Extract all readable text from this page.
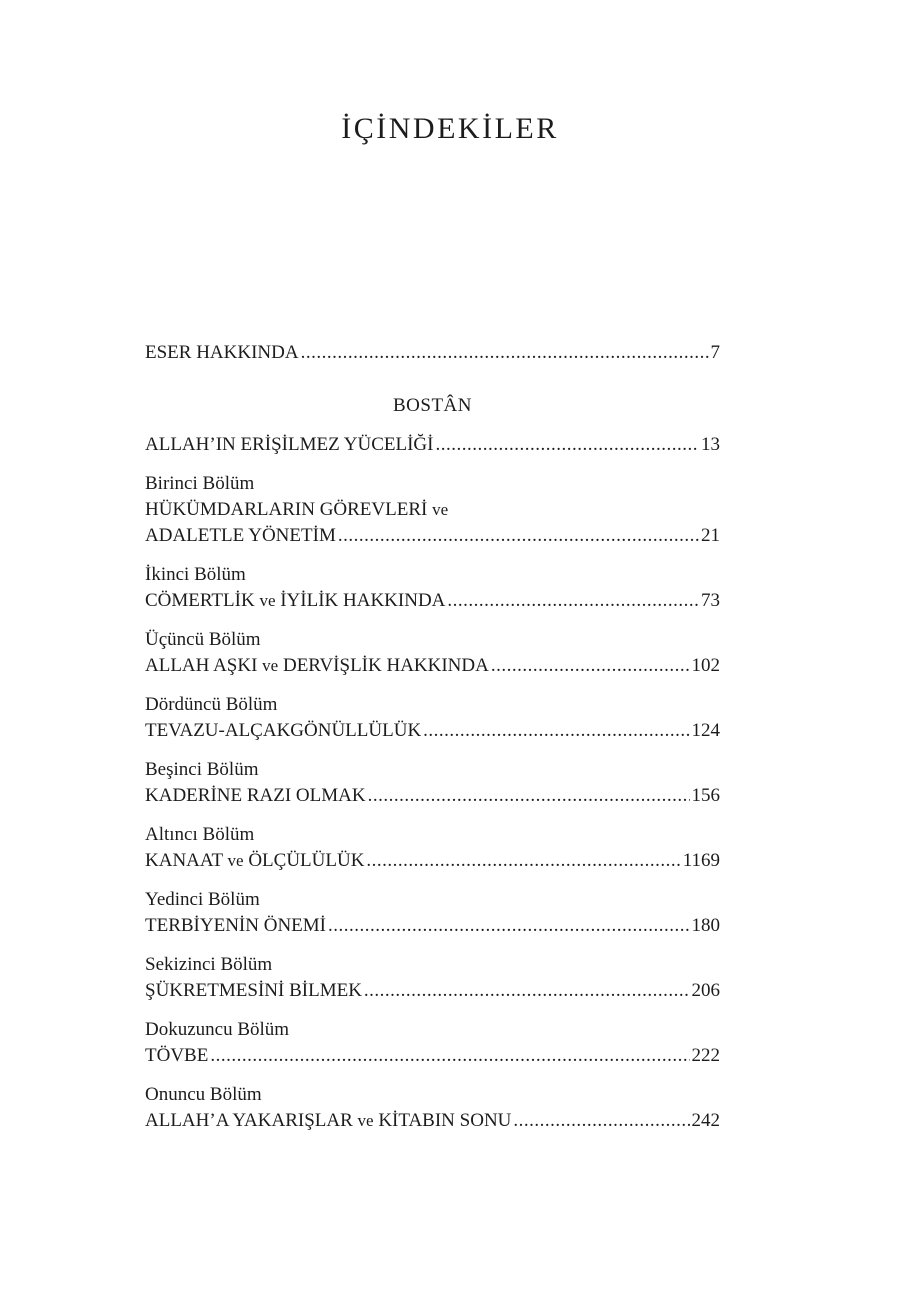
İÇİNDEKİLER
ESER HAKKINDA .....	7
BOSTÂN
ALLAH’IN ERİŞİLMEZ YÜCELİĞİ .....	13
Birinci Bölüm
HÜKÜMDARLARIN GÖREVLERİ ve
ADALETLE YÖNETİM .....	21
İkinci Bölüm
CÖMERTLİK ve İYİLİK HAKKINDA .....	73
Üçüncü Bölüm
ALLAH AŞKI ve DERVİŞLİK HAKKINDA .....	102
Dördüncü Bölüm
TEVAZU-ALÇAKGÖNÜLLÜLÜK .....	124
Beşinci Bölüm
KADERİNE RAZI OLMAK .....	156
Altıncı Bölüm
KANAAT ve ÖLÇÜLÜLÜK .....	1169
Yedinci Bölüm
TERBİYENİN ÖNEMİ .....	180
Sekizinci Bölüm
ŞÜKRETMESİNİ BİLMEK .....	206
Dokuzuncu Bölüm
TÖVBE .....	222
Onuncu Bölüm
ALLAH’A YAKARIŞLAR ve KİTABIN SONU .....	242
